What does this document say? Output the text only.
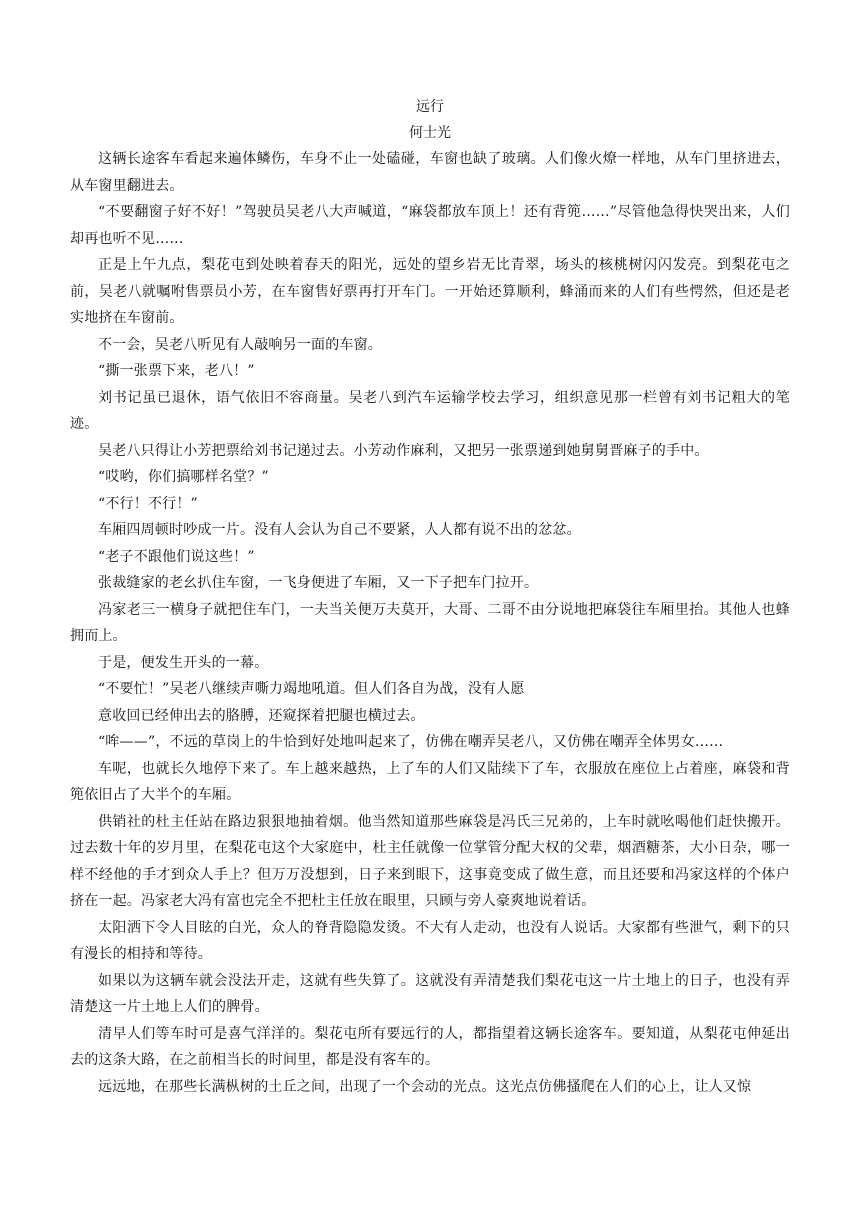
远行
何士光

这辆长途客车看起来遍体鳞伤，车身不止一处磕碰，车窗也缺了玻璃。人们像火燎一样地，从车门里挤进去，从车窗里翻进去。

“不要翻窗子好不好！”驾驶员吴老八大声喊道，“麻袋都放车顶上！还有背篼……”尽管他急得快哭出来，人们却再也听不见……

正是上午九点，梨花屯到处映着春天的阳光，远处的望乡岩无比青翠，场头的核桃树闪闪发亮。到梨花屯之前，吴老八就嘱咐售票员小芳，在车窗售好票再打开车门。一开始还算顺利，蜂涌而来的人们有些愕然，但还是老实地挤在车窗前。

不一会，吴老八听见有人敲响另一面的车窗。

“撕一张票下来，老八！”

刘书记虽已退休，语气依旧不容商量。吴老八到汽车运输学校去学习，组织意见那一栏曾有刘书记粗大的笔迹。

吴老八只得让小芳把票给刘书记递过去。小芳动作麻利，又把另一张票递到她舅舅晋麻子的手中。

“哎哟，你们搞哪样名堂？”

“不行！不行！”

车厢四周顿时吵成一片。没有人会认为自己不要紧，人人都有说不出的忿忿。

“老子不跟他们说这些！”

张裁缝家的老幺扒住车窗，一飞身便进了车厢，又一下子把车门拉开。

冯家老三一横身子就把住车门，一夫当关便万夫莫开，大哥、二哥不由分说地把麻袋往车厢里抬。其他人也蜂拥而上。

于是，便发生开头的一幕。

“不要忙！”吴老八继续声嘶力竭地吼道。但人们各自为战，没有人愿

意收回已经伸出去的胳膊，还窥探着把腿也横过去。

“哞——”，不远的草岗上的牛恰到好处地叫起来了，仿佛在嘲弄吴老八，又仿佛在嘲弄全体男女……

车呢，也就长久地停下来了。车上越来越热，上了车的人们又陆续下了车，衣服放在座位上占着座，麻袋和背篼依旧占了大半个的车厢。

供销社的杜主任站在路边狠狠地抽着烟。他当然知道那些麻袋是冯氏三兄弟的，上车时就吆喝他们赶快搬开。过去数十年的岁月里，在梨花屯这个大家庭中，杜主任就像一位掌管分配大权的父辈，烟酒糖茶，大小日杂，哪一样不经他的手才到众人手上？但万万没想到，日子来到眼下，这事竟变成了做生意，而且还要和冯家这样的个体户挤在一起。冯家老大冯有富也完全不把杜主任放在眼里，只顾与旁人豪爽地说着话。

太阳洒下令人目眩的白光，众人的脊背隐隐发烫。不大有人走动，也没有人说话。大家都有些泄气，剩下的只有漫长的相持和等待。

如果以为这辆车就会没法开走，这就有些失算了。这就没有弄清楚我们梨花屯这一片土地上的日子，也没有弄清楚这一片土地上人们的脾骨。

清早人们等车时可是喜气洋洋的。梨花屯所有要远行的人，都指望着这辆长途客车。要知道，从梨花屯伸延出去的这条大路，在之前相当长的时间里，都是没有客车的。

远远地，在那些长满枞树的土丘之间，出现了一个会动的光点。这光点仿佛搔爬在人们的心上，让人又惊
